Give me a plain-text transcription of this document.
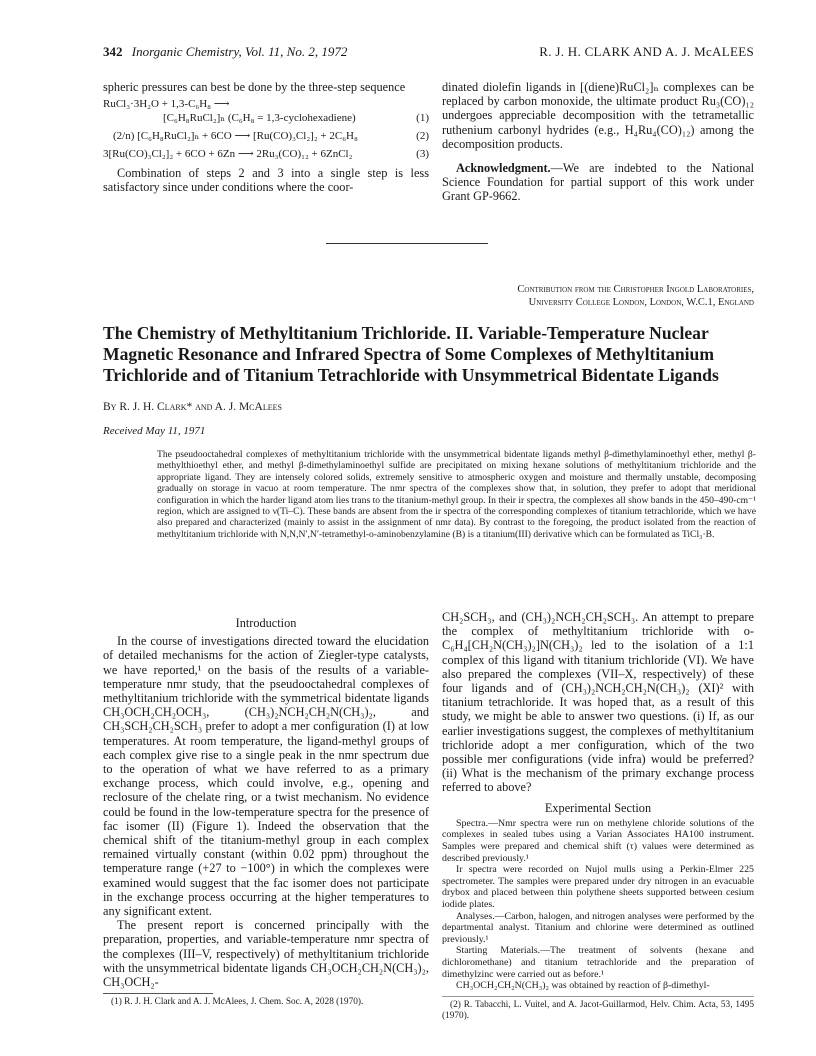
342 Inorganic Chemistry, Vol. 11, No. 2, 1972	R. J. H. CLARK AND A. J. McALEES

spheric pressures can best be done by the three-step sequence

RuCl₃·3H₂O + 1,3-C₆H₈ ⟶
[C₆H₈RuCl₂]ₙ (C₆H₈ = 1,3-cyclohexadiene)	(1)
(2/n) [C₆H₈RuCl₂]ₙ + 6CO ⟶ [Ru(CO)₃Cl₂]₂ + 2C₆H₈	(2)
3[Ru(CO)₃Cl₂]₂ + 6CO + 6Zn ⟶ 2Ru₃(CO)₁₂ + 6ZnCl₂	(3)

Combination of steps 2 and 3 into a single step is less satisfactory since under conditions where the coor-

dinated diolefin ligands in [(diene)RuCl₂]ₙ complexes can be replaced by carbon monoxide, the ultimate product Ru₃(CO)₁₂ undergoes appreciable decomposition with the tetrametallic ruthenium carbonyl hydrides (e.g., H₄Ru₄(CO)₁₂) among the decomposition products.

Acknowledgment.—We are indebted to the National Science Foundation for partial support of this work under Grant GP-9662.

Contribution from the Christopher Ingold Laboratories,
University College London, London, W.C.1, England
The Chemistry of Methyltitanium Trichloride. II. Variable-Temperature Nuclear Magnetic Resonance and Infrared Spectra of Some Complexes of Methyltitanium Trichloride and of Titanium Tetrachloride with Unsymmetrical Bidentate Ligands
By R. J. H. Clark* and A. J. McAlees
Received May 11, 1971

The pseudooctahedral complexes of methyltitanium trichloride with the unsymmetrical bidentate ligands methyl β-dimethylaminoethyl ether, methyl β-methylthioethyl ether, and methyl β-dimethylaminoethyl sulfide are precipitated on mixing hexane solutions of methyltitanium trichloride and the appropriate ligand. They are intensely colored solids, extremely sensitive to atmospheric oxygen and moisture and thermally unstable, decomposing gradually on storage in vacuo at room temperature. The nmr spectra of the complexes show that, in solution, they prefer to adopt that meridional configuration in which the harder ligand atom lies trans to the titanium-methyl group. In their ir spectra, the complexes all show bands in the 450–490-cm⁻¹ region, which are assigned to ν(Ti–C). These bands are absent from the ir spectra of the corresponding complexes of titanium tetrachloride, which we have also prepared and characterized (mainly to assist in the assignment of nmr data). By contrast to the foregoing, the product isolated from the reaction of methyltitanium trichloride with N,N,N′,N′-tetramethyl-o-aminobenzylamine (B) is a titanium(III) derivative which can be formulated as TiCl₃·B.

Introduction

In the course of investigations directed toward the elucidation of detailed mechanisms for the action of Ziegler-type catalysts, we have reported,¹ on the basis of the results of a variable-temperature nmr study, that the pseudooctahedral complexes of methyltitanium trichloride with the symmetrical bidentate ligands CH₃OCH₂CH₂OCH₃, (CH₃)₂NCH₂CH₂N(CH₃)₂, and CH₃SCH₂CH₂SCH₃ prefer to adopt a mer configuration (I) at low temperatures. At room temperature, the ligand-methyl groups of each complex give rise to a single peak in the nmr spectrum due to the operation of what we have referred to as a primary exchange process, which could involve, e.g., opening and reclosure of the chelate ring, or a twist mechanism. No evidence could be found in the low-temperature spectra for the presence of fac isomer (II) (Figure 1). Indeed the observation that the chemical shift of the titanium-methyl group in each complex remained virtually constant (within 0.02 ppm) throughout the temperature range (+27 to −100°) in which the complexes were examined would suggest that the fac isomer does not participate in the exchange process occurring at the higher temperatures to any significant extent.

The present report is concerned principally with the preparation, properties, and variable-temperature nmr spectra of the complexes (III–V, respectively) of methyltitanium trichloride with the unsymmetrical bidentate ligands CH₃OCH₂CH₂N(CH₃)₂, CH₃OCH₂-

(1) R. J. H. Clark and A. J. McAlees, J. Chem. Soc. A, 2028 (1970).

CH₂SCH₃, and (CH₃)₂NCH₂CH₂SCH₃. An attempt to prepare the complex of methyltitanium trichloride with o-C₆H₄[CH₂N(CH₃)₂]N(CH₃)₂ led to the isolation of a 1:1 complex of this ligand with titanium trichloride (VI). We have also prepared the complexes (VII–X, respectively) of these four ligands and of (CH₃)₂NCH₂CH₂N(CH₃)₂ (XI)² with titanium tetrachloride. It was hoped that, as a result of this study, we might be able to answer two questions. (i) If, as our earlier investigations suggest, the complexes of methyltitanium trichloride adopt a mer configuration, which of the two possible mer configurations (vide infra) would be preferred? (ii) What is the mechanism of the primary exchange process referred to above?

Experimental Section

Spectra.—Nmr spectra were run on methylene chloride solutions of the complexes in sealed tubes using a Varian Associates HA100 instrument. Samples were prepared and chemical shift (τ) values were determined as described previously.¹

Ir spectra were recorded on Nujol mulls using a Perkin-Elmer 225 spectrometer. The samples were prepared under dry nitrogen in an evacuable drybox and placed between thin polythene sheets supported between cesium iodide plates.

Analyses.—Carbon, halogen, and nitrogen analyses were performed by the departmental analyst. Titanium and chlorine were determined as outlined previously.¹

Starting Materials.—The treatment of solvents (hexane and dichloromethane) and titanium tetrachloride and the preparation of dimethylzinc were carried out as before.¹

CH₃OCH₂CH₂N(CH₃)₂ was obtained by reaction of β-dimethyl-

(2) R. Tabacchi, L. Vuitel, and A. Jacot-Guillarmod, Helv. Chim. Acta, 53, 1495 (1970).
